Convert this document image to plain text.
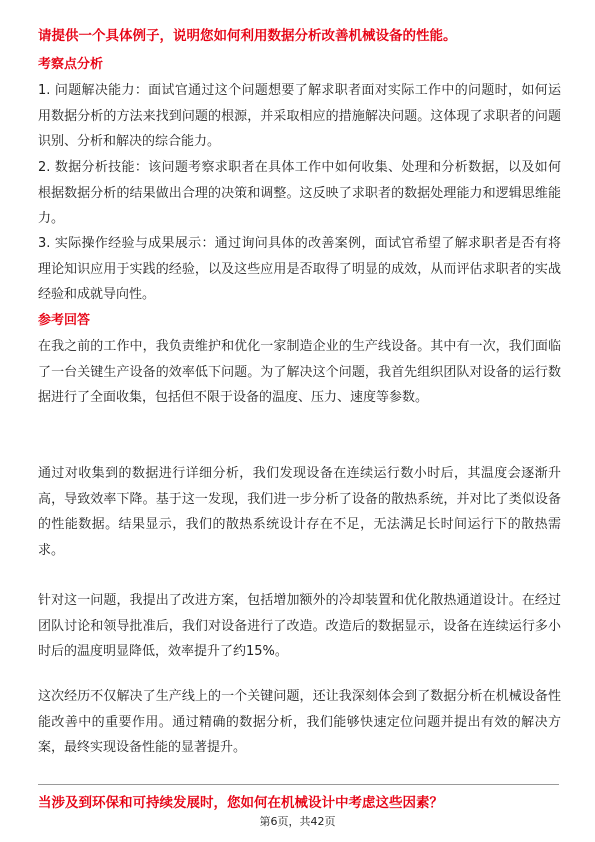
请提供一个具体例子，说明您如何利用数据分析改善机械设备的性能。
考察点分析
1. 问题解决能力：面试官通过这个问题想要了解求职者面对实际工作中的问题时，如何运用数据分析的方法来找到问题的根源，并采取相应的措施解决问题。这体现了求职者的问题识别、分析和解决的综合能力。
2. 数据分析技能：该问题考察求职者在具体工作中如何收集、处理和分析数据，以及如何根据数据分析的结果做出合理的决策和调整。这反映了求职者的数据处理能力和逻辑思维能力。
3. 实际操作经验与成果展示：通过询问具体的改善案例，面试官希望了解求职者是否有将理论知识应用于实践的经验，以及这些应用是否取得了明显的成效，从而评估求职者的实战经验和成就导向性。
参考回答
在我之前的工作中，我负责维护和优化一家制造企业的生产线设备。其中有一次，我们面临了一台关键生产设备的效率低下问题。为了解决这个问题，我首先组织团队对设备的运行数据进行了全面收集，包括但不限于设备的温度、压力、速度等参数。
通过对收集到的数据进行详细分析，我们发现设备在连续运行数小时后，其温度会逐渐升高，导致效率下降。基于这一发现，我们进一步分析了设备的散热系统，并对比了类似设备的性能数据。结果显示，我们的散热系统设计存在不足，无法满足长时间运行下的散热需求。
针对这一问题，我提出了改进方案，包括增加额外的冷却装置和优化散热通道设计。在经过团队讨论和领导批准后，我们对设备进行了改造。改造后的数据显示，设备在连续运行多小时后的温度明显降低，效率提升了约15%。
这次经历不仅解决了生产线上的一个关键问题，还让我深刻体会到了数据分析在机械设备性能改善中的重要作用。通过精确的数据分析，我们能够快速定位问题并提出有效的解决方案，最终实现设备性能的显著提升。
当涉及到环保和可持续发展时，您如何在机械设计中考虑这些因素？
第6页，共42页
